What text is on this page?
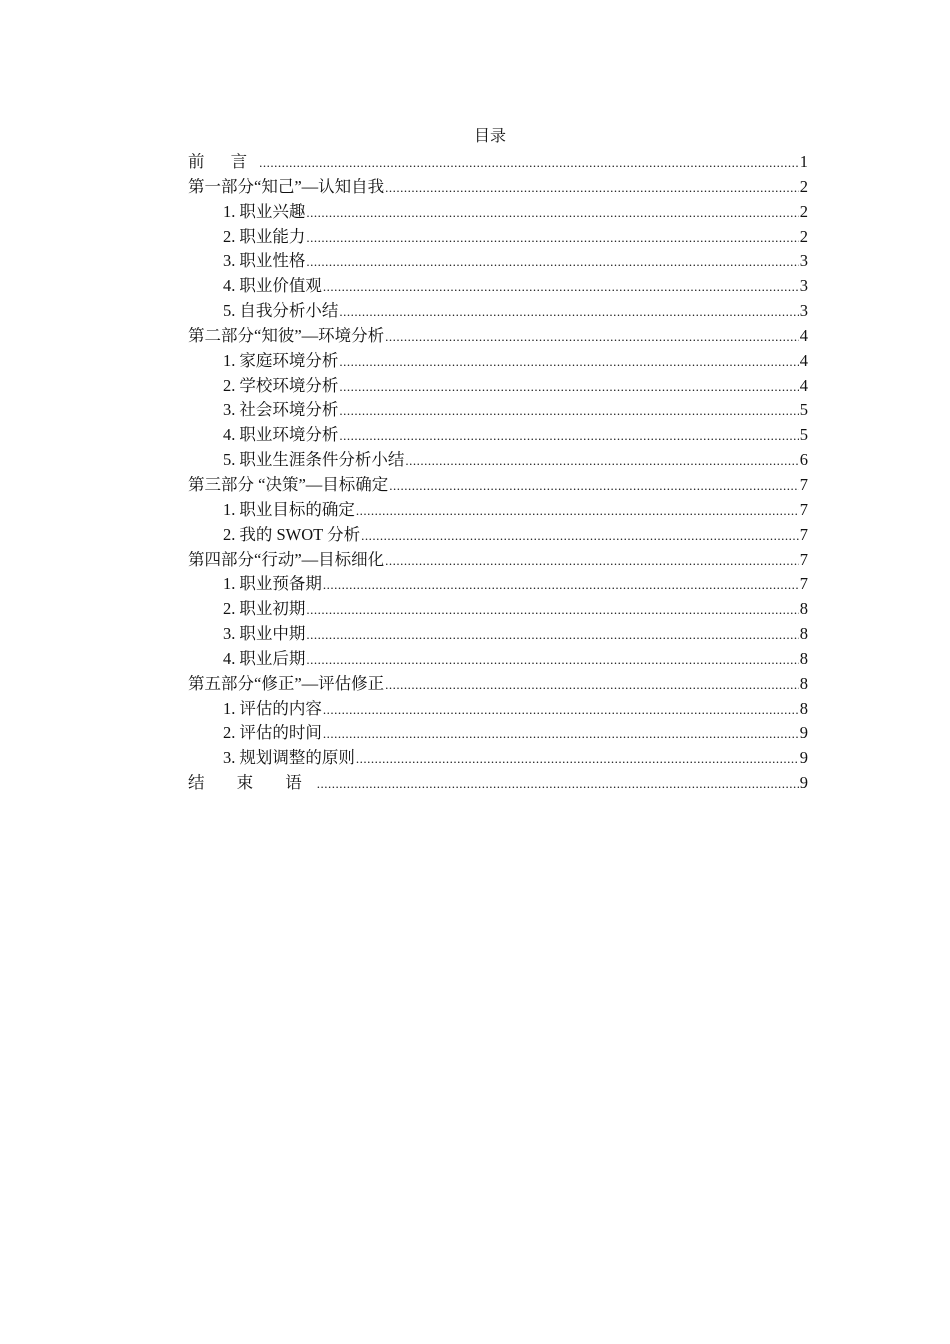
目录
前 言 .....	1
第一部分“知己”—认知自我 .....	2
1. 职业兴趣 .....	2
2. 职业能力 .....	2
3. 职业性格 .....	3
4. 职业价值观 .....	3
5. 自我分析小结 .....	3
第二部分“知彼”—环境分析 .....	4
1. 家庭环境分析 .....	4
2. 学校环境分析 .....	4
3. 社会环境分析 .....	5
4. 职业环境分析 .....	5
5. 职业生涯条件分析小结 .....	6
第三部分 “决策”—目标确定 .....	7
1. 职业目标的确定 .....	7
2. 我的 SWOT 分析 .....	7
第四部分“行动”—目标细化 .....	7
1. 职业预备期 .....	7
2. 职业初期 .....	8
3. 职业中期 .....	8
4. 职业后期 .....	8
第五部分“修正”—评估修正 .....	8
1. 评估的内容 .....	8
2. 评估的时间 .....	9
3. 规划调整的原则 .....	9
结 束 语 .....	9
